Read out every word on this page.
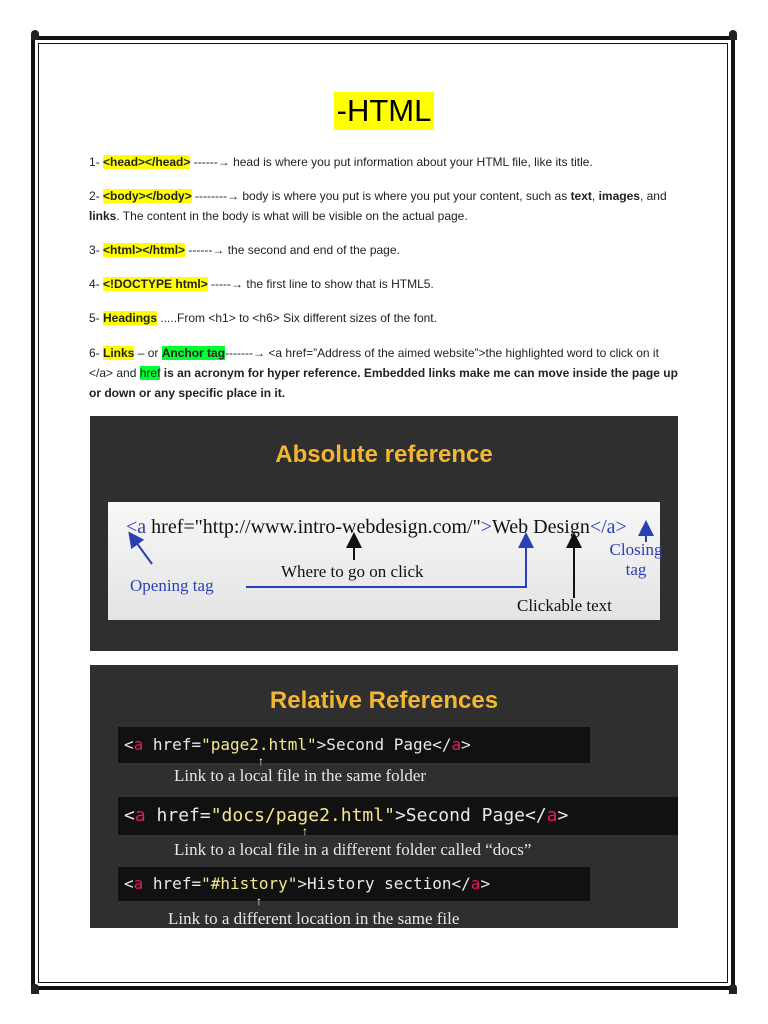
-HTML
1- <head></head> ------→ head is where you put information about your HTML file, like its title.
2- <body></body> --------→ body is where you put is where you put your content, such as text, images, and links. The content in the body is what will be visible on the actual page.
3- <html></html> ------→ the second and end of the page.
4- <!DOCTYPE html> -----→ the first line to show that is HTML5.
5- Headings .....From <h1> to <h6> Six different sizes of the font.
6- Links – or Anchor tag-------→ <a href=”Address of the aimed website”>the highlighted word to click on it </a> and href is an acronym for hyper reference. Embedded links make me can move inside the page up or down or any specific place in it.
Absolute reference
<a href="http://www.intro-webdesign.com/">Web Design</a>
Opening tag
Where to go on click
Clickable text
Closing
tag
Relative References
<a href="page2.html">Second Page</a>
↑
Link to a local file in the same folder
<a href="docs/page2.html">Second Page</a>
↑
Link to a local file in a different folder called “docs”
<a href="#history">History section</a>
↑
Link to a different location in the same file
